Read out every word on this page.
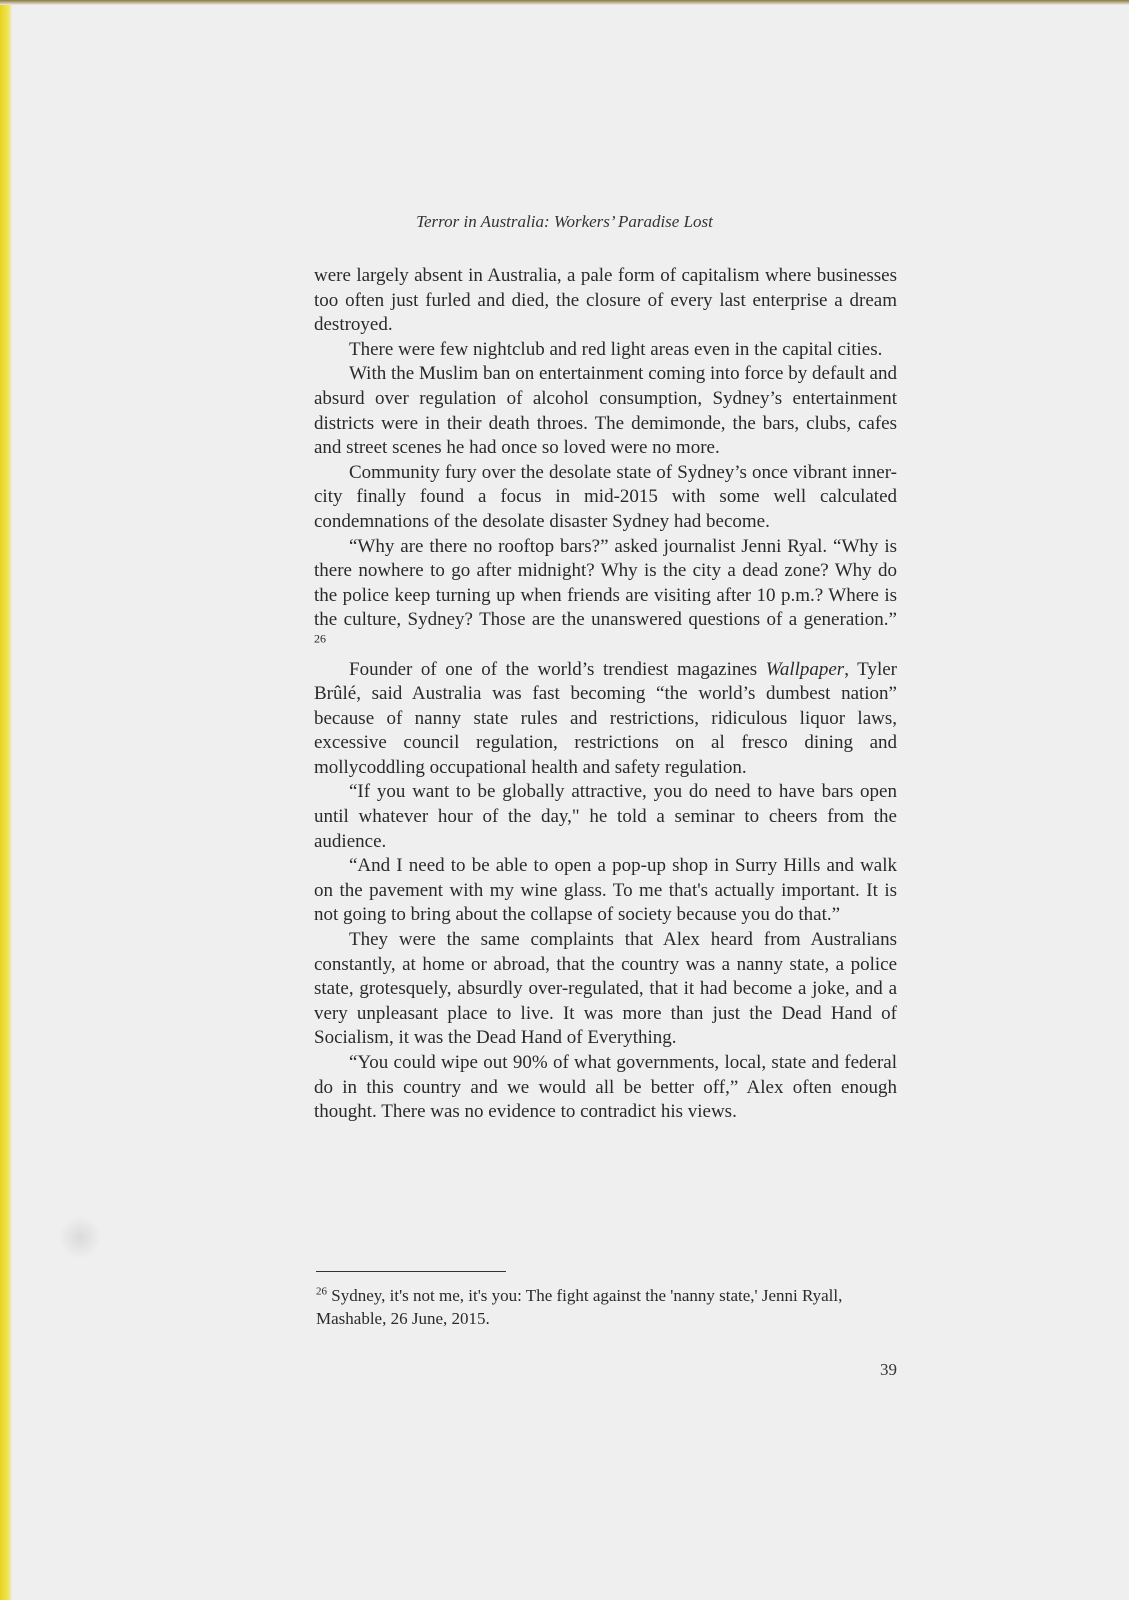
Terror in Australia: Workers’ Paradise Lost

were largely absent in Australia, a pale form of capitalism where businesses too often just furled and died, the closure of every last enterprise a dream destroyed.

There were few nightclub and red light areas even in the capital cities.

With the Muslim ban on entertainment coming into force by default and absurd over regulation of alcohol consumption, Sydney’s entertainment districts were in their death throes. The demimonde, the bars, clubs, cafes and street scenes he had once so loved were no more.

Community fury over the desolate state of Sydney’s once vibrant inner-city finally found a focus in mid-2015 with some well calculated condemnations of the desolate disaster Sydney had become.

“Why are there no rooftop bars?” asked journalist Jenni Ryal. “Why is there nowhere to go after midnight? Why is the city a dead zone? Why do the police keep turning up when friends are visiting after 10 p.m.? Where is the culture, Sydney? Those are the unanswered questions of a generation.” $^{26}$

Founder of one of the world’s trendiest magazines Wallpaper, Tyler Brûlé, said Australia was fast becoming “the world’s dumbest nation” because of nanny state rules and restrictions, ridiculous liquor laws, excessive council regulation, restrictions on al fresco dining and mollycoddling occupational health and safety regulation.

“If you want to be globally attractive, you do need to have bars open until whatever hour of the day," he told a seminar to cheers from the audience.

“And I need to be able to open a pop-up shop in Surry Hills and walk on the pavement with my wine glass. To me that's actually important. It is not going to bring about the collapse of society because you do that.”

They were the same complaints that Alex heard from Australians constantly, at home or abroad, that the country was a nanny state, a police state, grotesquely, absurdly over-regulated, that it had become a joke, and a very unpleasant place to live. It was more than just the Dead Hand of Socialism, it was the Dead Hand of Everything.

“You could wipe out 90% of what governments, local, state and federal do in this country and we would all be better off,” Alex often enough thought. There was no evidence to contradict his views.

$^{26}$ Sydney, it's not me, it's you: The fight against the 'nanny state,' Jenni Ryall, Mashable, 26 June, 2015.

39
